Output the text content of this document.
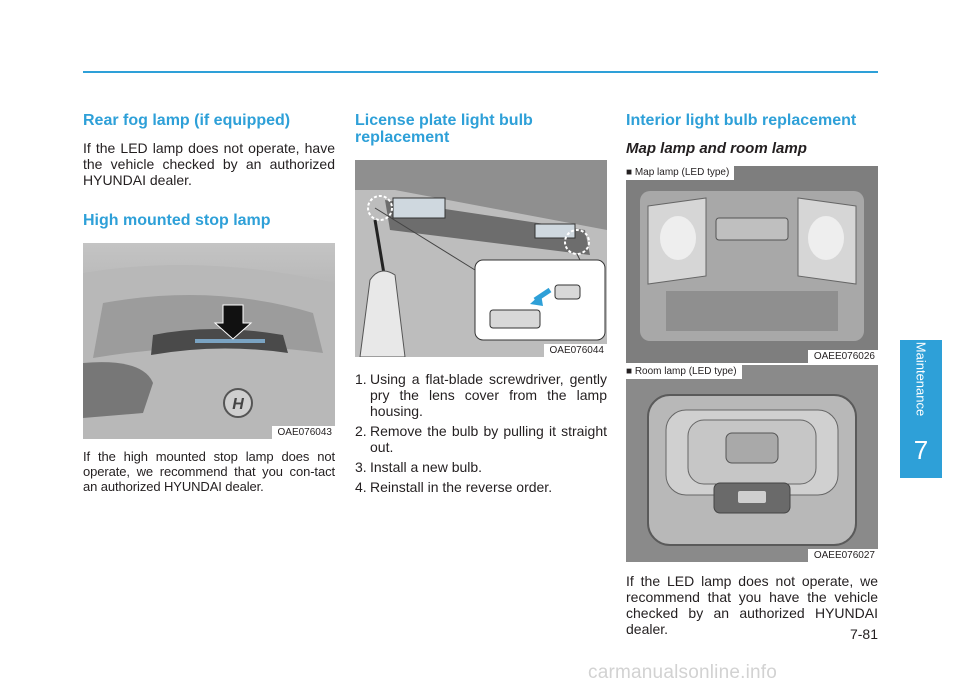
Rear fog lamp (if equipped)

If the LED lamp does not operate, have the vehicle checked by an authorized HYUNDAI dealer.

High mounted stop lamp
H
OAE076043

If the high mounted stop lamp does not operate, we recommend that you con-tact an authorized HYUNDAI dealer.

License plate light bulb replacement
OAE076044
1. Using a flat-blade screwdriver, gently pry the lens cover from the lamp housing.
2. Remove the bulb by pulling it straight out.
3. Install a new bulb.
4. Reinstall in the reverse order.
Interior light bulb replacement
Map lamp and room lamp
■ Map lamp (LED type)
OAEE076026
■ Room lamp (LED type)
OAEE076027

If the LED lamp does not operate, we recommend that you have the vehicle checked by an authorized HYUNDAI dealer.

Maintenance
7
7-81
carmanualsonline.info
